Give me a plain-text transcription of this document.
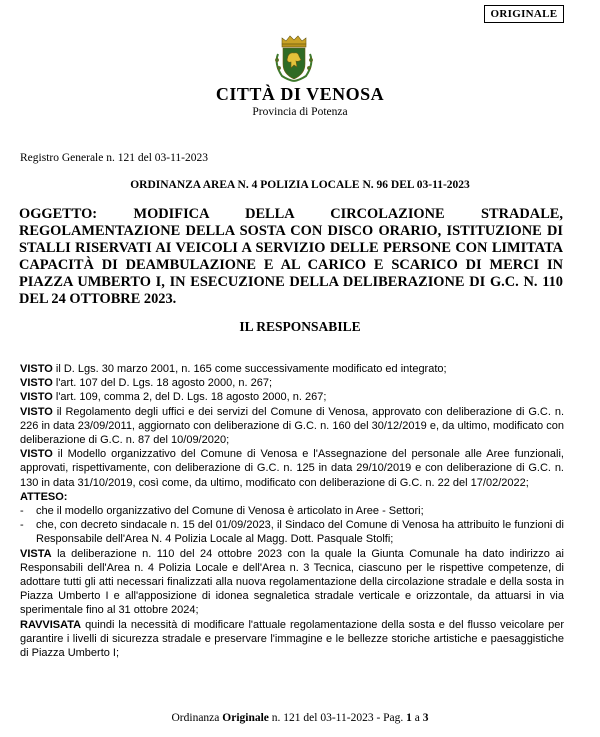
ORIGINALE
CITTÀ DI VENOSA
Provincia di Potenza
Registro Generale n. 121 del 03-11-2023
ORDINANZA AREA N. 4 POLIZIA LOCALE N. 96 DEL 03-11-2023
OGGETTO: MODIFICA DELLA CIRCOLAZIONE STRADALE, REGOLAMENTAZIONE DELLA SOSTA CON DISCO ORARIO, ISTITUZIONE DI STALLI RISERVATI AI VEICOLI A SERVIZIO DELLE PERSONE CON LIMITATA CAPACITÀ DI DEAMBULAZIONE E AL CARICO E SCARICO DI MERCI IN PIAZZA UMBERTO I, IN ESECUZIONE DELLA DELIBERAZIONE DI G.C. N. 110 DEL 24 OTTOBRE 2023.
IL RESPONSABILE

VISTO il D. Lgs. 30 marzo 2001, n. 165 come successivamente modificato ed integrato;

VISTO l'art. 107 del D. Lgs. 18 agosto 2000, n. 267;

VISTO l'art. 109, comma 2, del D. Lgs. 18 agosto 2000, n. 267;

VISTO il Regolamento degli uffici e dei servizi del Comune di Venosa, approvato con deliberazione di G.C. n. 226 in data 23/09/2011, aggiornato con deliberazione di G.C. n. 160 del 30/12/2019 e, da ultimo, modificato con deliberazione di G.C. n. 87 del 10/09/2020;

VISTO il Modello organizzativo del Comune di Venosa e l'Assegnazione del personale alle Aree funzionali, approvati, rispettivamente, con deliberazione di G.C. n. 125 in data 29/10/2019 e con deliberazione di G.C. n. 130 in data 31/10/2019, così come, da ultimo, modificato con deliberazione di G.C. n. 22 del 17/02/2022;

ATTESO:

- che il modello organizzativo del Comune di Venosa è articolato in Aree - Settori;

- che, con decreto sindacale n. 15 del 01/09/2023, il Sindaco del Comune di Venosa ha attribuito le funzioni di Responsabile dell'Area N. 4 Polizia Locale al Magg. Dott. Pasquale Stolfi;

VISTA la deliberazione n. 110 del 24 ottobre 2023 con la quale la Giunta Comunale ha dato indirizzo ai Responsabili dell'Area n. 4 Polizia Locale e dell'Area n. 3 Tecnica, ciascuno per le rispettive competenze, di adottare tutti gli atti necessari finalizzati alla nuova regolamentazione della circolazione stradale e della sosta in Piazza Umberto I e all'apposizione di idonea segnaletica stradale verticale e orizzontale, da attuarsi in via sperimentale fino al 31 ottobre 2024;

RAVVISATA quindi la necessità di modificare l'attuale regolamentazione della sosta e del flusso veicolare per garantire i livelli di sicurezza stradale e preservare l'immagine e le bellezze storiche artistiche e paesaggistiche di Piazza Umberto I;

Ordinanza Originale n. 121 del 03-11-2023 - Pag. 1 a 3
